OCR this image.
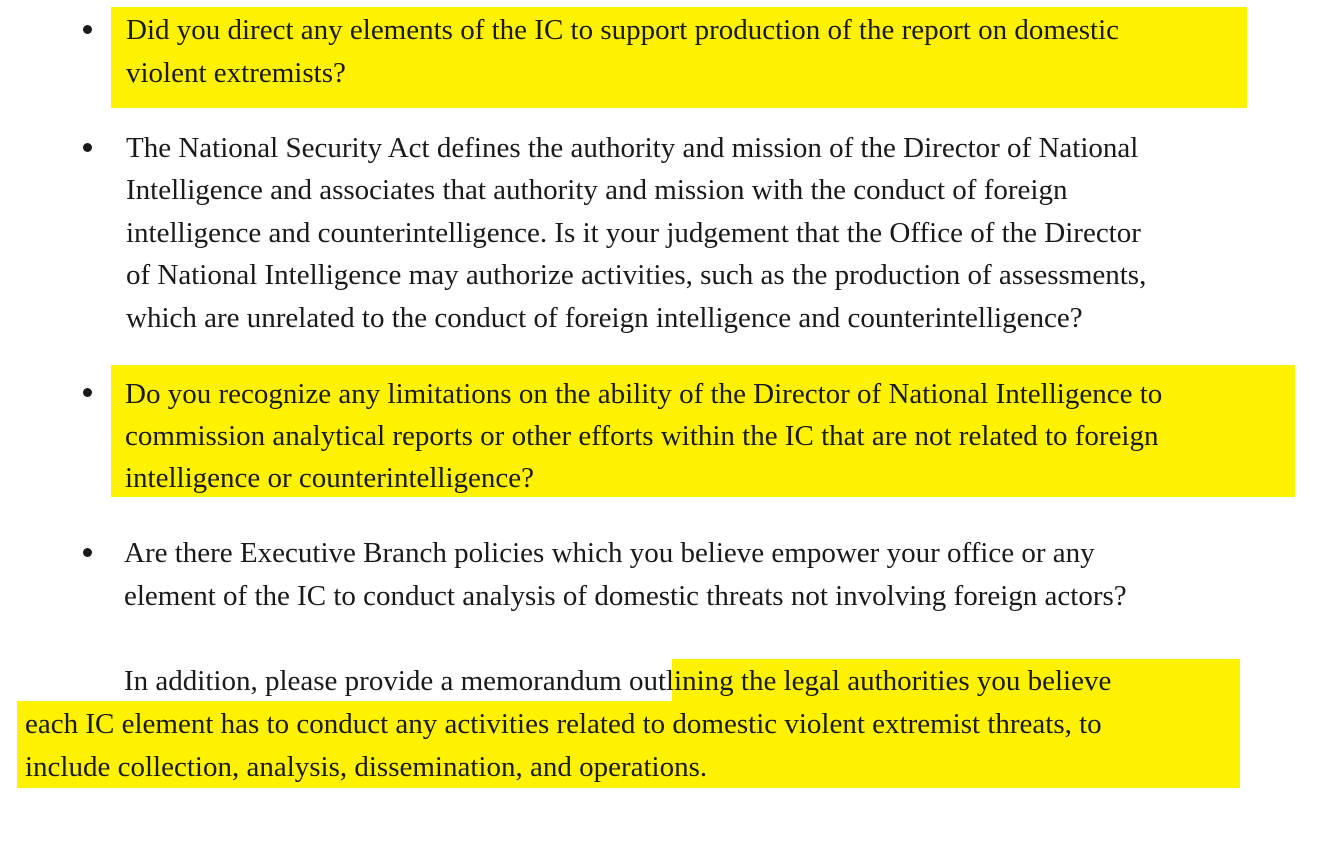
Did you direct any elements of the IC to support production of the report on domestic
violent extremists?
The National Security Act defines the authority and mission of the Director of National
Intelligence and associates that authority and mission with the conduct of foreign
intelligence and counterintelligence. Is it your judgement that the Office of the Director
of National Intelligence may authorize activities, such as the production of assessments,
which are unrelated to the conduct of foreign intelligence and counterintelligence?
Do you recognize any limitations on the ability of the Director of National Intelligence to
commission analytical reports or other efforts within the IC that are not related to foreign
intelligence or counterintelligence?
Are there Executive Branch policies which you believe empower your office or any
element of the IC to conduct analysis of domestic threats not involving foreign actors?
In addition, please provide a memorandum outlining the legal authorities you believe
each IC element has to conduct any activities related to domestic violent extremist threats, to
include collection, analysis, dissemination, and operations.
